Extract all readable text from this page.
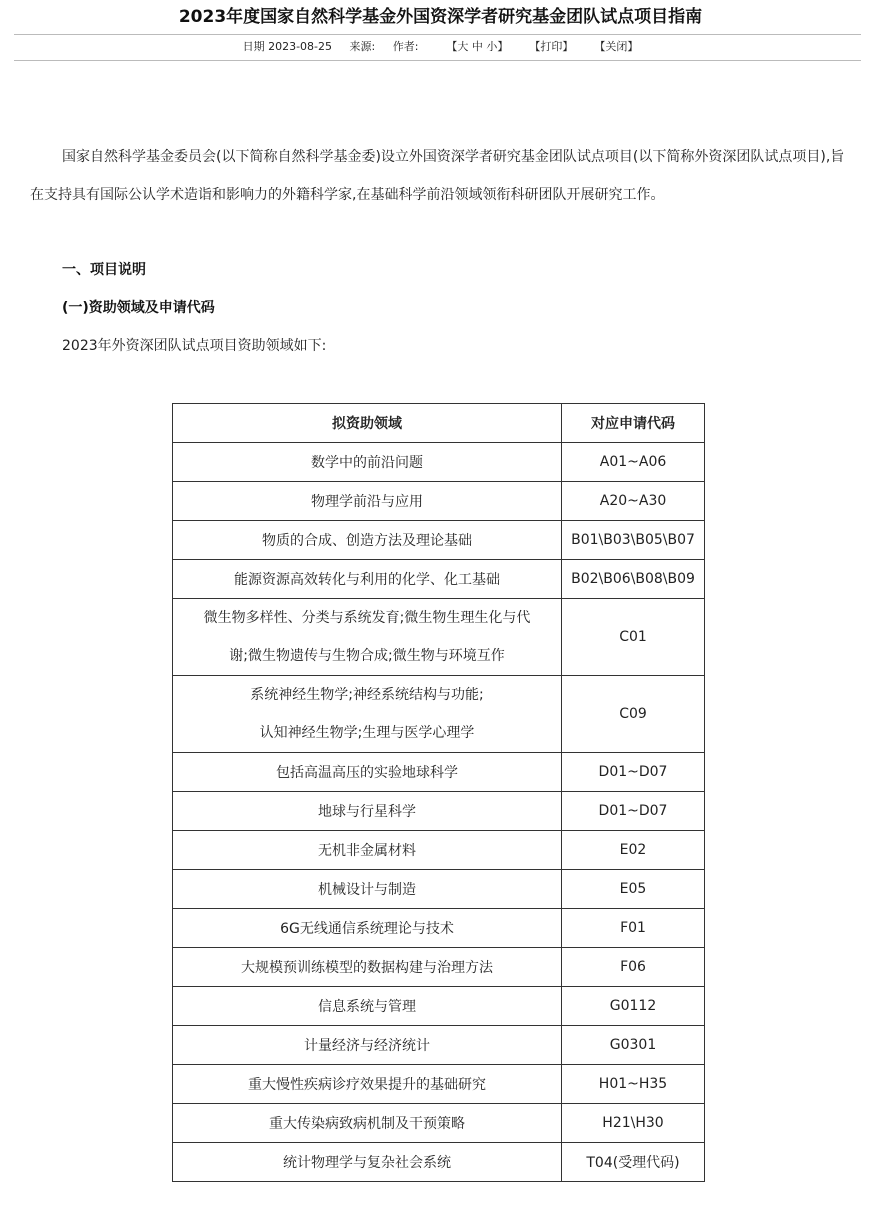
2023年度国家自然科学基金外国资深学者研究基金团队试点项目指南
日期 2023-08-25 来源: 作者:	【大 中 小】 【打印】 【关闭】
国家自然科学基金委员会(以下简称自然科学基金委)设立外国资深学者研究基金团队试点项目(以下简称外资深团队试点项目),旨在支持具有国际公认学术造诣和影响力的外籍科学家,在基础科学前沿领域领衔科研团队开展研究工作。
一、项目说明
(一)资助领域及申请代码
2023年外资深团队试点项目资助领域如下:
拟资助领域	对应申请代码
数学中的前沿问题	A01~A06
物理学前沿与应用	A20~A30
物质的合成、创造方法及理论基础	B01\B03\B05\B07
能源资源高效转化与利用的化学、化工基础	B02\B06\B08\B09
微生物多样性、分类与系统发育;微生物生理生化与代
谢;微生物遗传与生物合成;微生物与环境互作	C01
系统神经生物学;神经系统结构与功能;
认知神经生物学;生理与医学心理学	C09
包括高温高压的实验地球科学	D01~D07
地球与行星科学	D01~D07
无机非金属材料	E02
机械设计与制造	E05
6G无线通信系统理论与技术	F01
大规模预训练模型的数据构建与治理方法	F06
信息系统与管理	G0112
计量经济与经济统计	G0301
重大慢性疾病诊疗效果提升的基础研究	H01~H35
重大传染病致病机制及干预策略	H21\H30
统计物理学与复杂社会系统	T04(受理代码)
